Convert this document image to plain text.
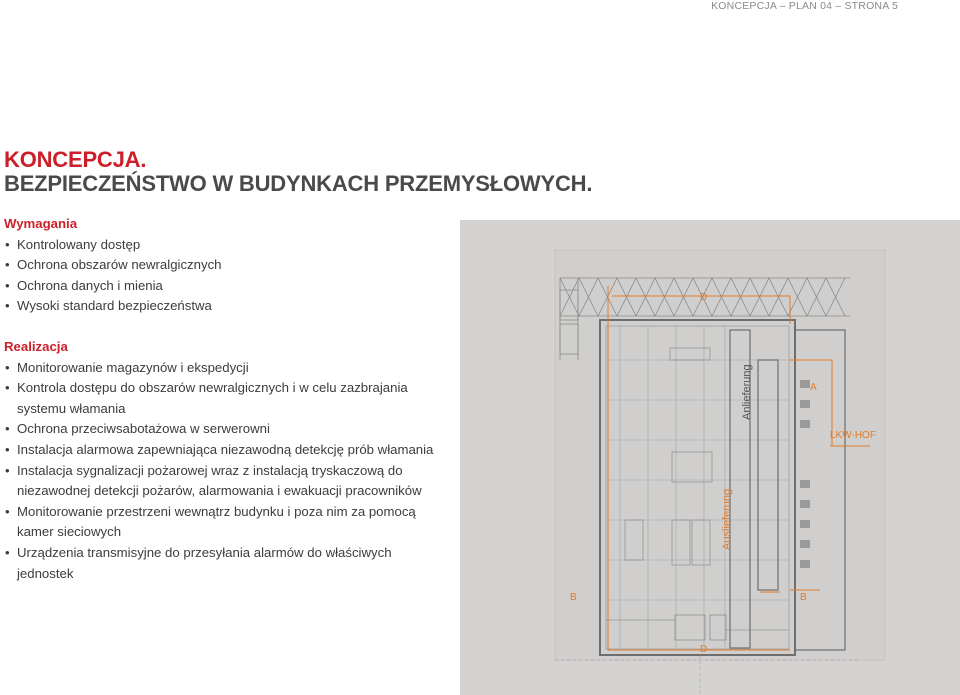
KONCEPCJA – PLAN 04 – STRONA 5
KONCEPCJA.
BEZPIECZEŃSTWO W BUDYNKACH PRZEMYSŁOWYCH.
Wymagania
• Kontrolowany dostęp
• Ochrona obszarów newralgicznych
• Ochrona danych i mienia
• Wysoki standard bezpieczeństwa
Realizacja
• Monitorowanie magazynów i ekspedycji
• Kontrola dostępu do obszarów newralgicznych i w celu zazbrajania systemu włamania
• Ochrona przeciwsabotażowa w serwerowni
• Instalacja alarmowa zapewniająca niezawodną detekcję prób włamania
• Instalacja sygnalizacji pożarowej wraz z instalacją tryskaczową do niezawodnej detekcji pożarów, alarmowania i ewakuacji pracowników
• Monitorowanie przestrzeni wewnątrz budynku i poza nim za pomocą kamer sieciowych
• Urządzenia transmisyjne do przesyłania alarmów do właściwych jednostek
Anlieferung
Auslieferung
LKW-HOF
A
B	B
D
D
